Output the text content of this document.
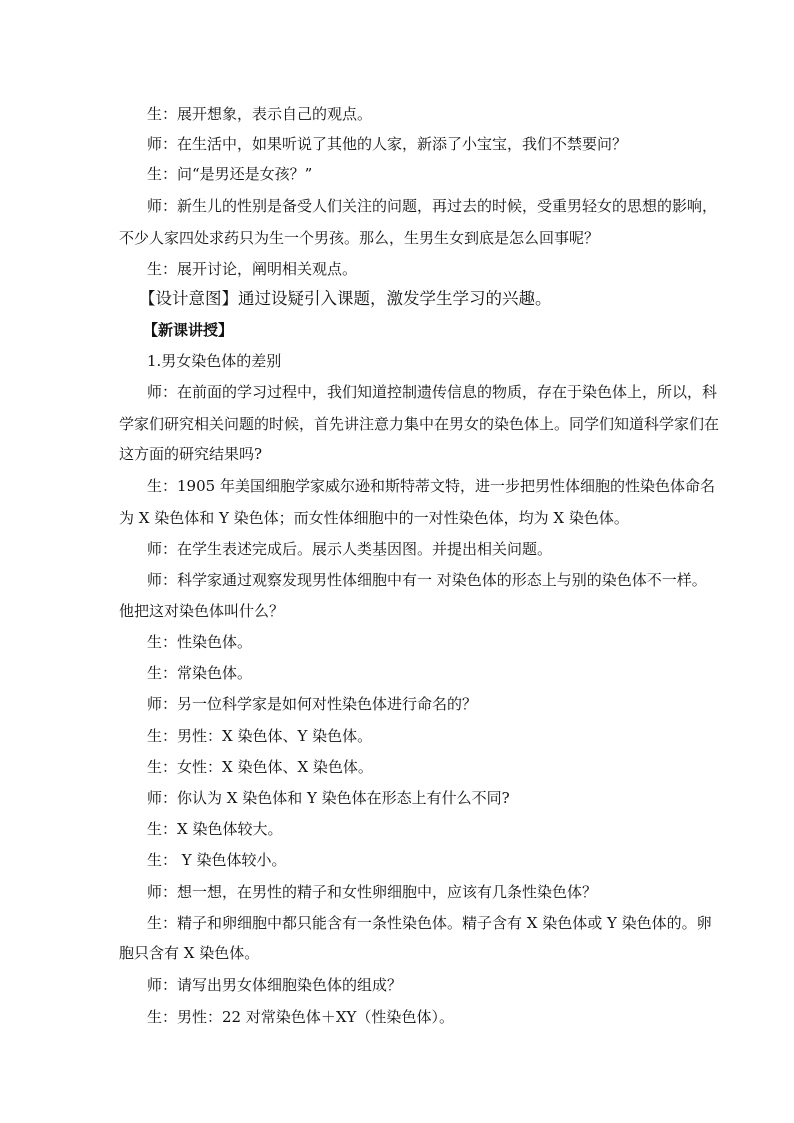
生：展开想象，表示自己的观点。
师：在生活中，如果听说了其他的人家，新添了小宝宝，我们不禁要问？
生：问“是男还是女孩？”
师：新生儿的性别是备受人们关注的问题，再过去的时候，受重男轻女的思想的影响，
不少人家四处求药只为生一个男孩。那么，生男生女到底是怎么回事呢？
生：展开讨论，阐明相关观点。
【设计意图】通过设疑引入课题，激发学生学习的兴趣。
【新课讲授】
1.男女染色体的差别
师：在前面的学习过程中，我们知道控制遗传信息的物质，存在于染色体上，所以，科
学家们研究相关问题的时候，首先讲注意力集中在男女的染色体上。同学们知道科学家们在
这方面的研究结果吗?
生：1905 年美国细胞学家威尔逊和斯特蒂文特，进一步把男性体细胞的性染色体命名
为 X 染色体和 Y 染色体；而女性体细胞中的一对性染色体，均为 X 染色体。
师：在学生表述完成后。展示人类基因图。并提出相关问题。
师：科学家通过观察发现男性体细胞中有一 对染色体的形态上与别的染色体不一样。
他把这对染色体叫什么？
生：性染色体。
生：常染色体。
师：另一位科学家是如何对性染色体进行命名的？
生：男性：X 染色体、Y 染色体。
生：女性：X 染色体、X 染色体。
师：你认为 X 染色体和 Y 染色体在形态上有什么不同?
生：X 染色体较大。
生： Y 染色体较小。
师：想一想，在男性的精子和女性卵细胞中，应该有几条性染色体？
生：精子和卵细胞中都只能含有一条性染色体。精子含有 X 染色体或 Y 染色体的。卵
胞只含有 X 染色体。
师：请写出男女体细胞染色体的组成？
生：男性：22 对常染色体＋XY（性染色体）。
